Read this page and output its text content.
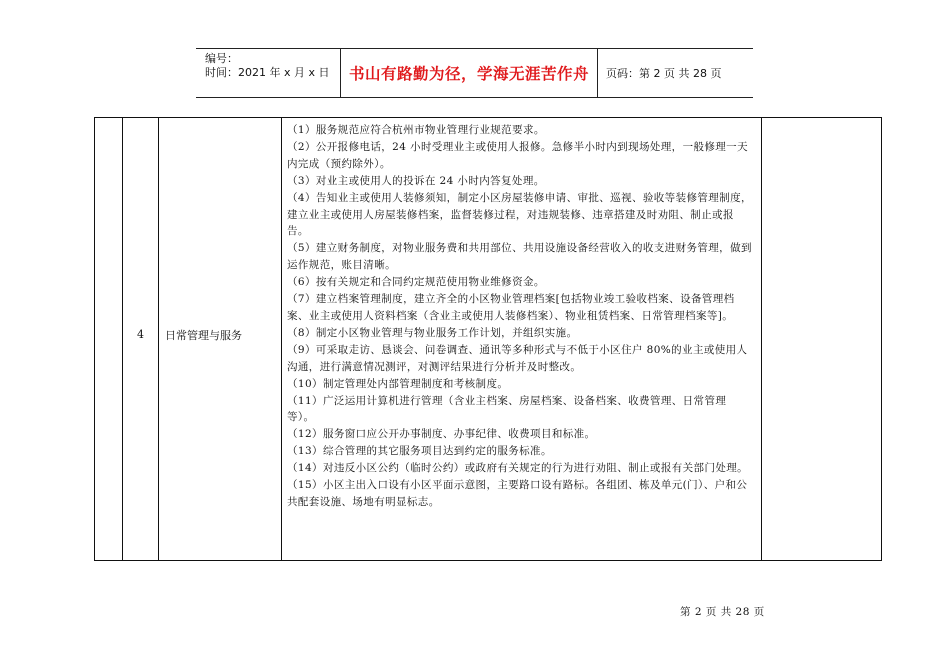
编号：
时间：2021 年 x 月 x 日 书山有路勤为径，学海无涯苦作舟 页码：第 2 页 共 28 页
4	日常管理与服务

（1）服务规范应符合杭州市物业管理行业规范要求。

（2）公开报修电话，24 小时受理业主或使用人报修。急修半小时内到现场处理，一般修理一天内完成（预约除外）。

（3）对业主或使用人的投诉在 24 小时内答复处理。

（4）告知业主或使用人装修须知，制定小区房屋装修申请、审批、巡视、验收等装修管理制度，建立业主或使用人房屋装修档案，监督装修过程，对违规装修、违章搭建及时劝阻、制止或报告。

（5）建立财务制度，对物业服务费和共用部位、共用设施设备经营收入的收支进财务管理，做到运作规范，账目清晰。

（6）按有关规定和合同约定规范使用物业维修资金。

（7）建立档案管理制度，建立齐全的小区物业管理档案[包括物业竣工验收档案、设备管理档案、业主或使用人资料档案（含业主或使用人装修档案）、物业租赁档案、日常管理档案等]。

（8）制定小区物业管理与物业服务工作计划，并组织实施。

（9）可采取走访、恳谈会、问卷调查、通讯等多种形式与不低于小区住户 80%的业主或使用人沟通，进行满意情况测评，对测评结果进行分析并及时整改。

（10）制定管理处内部管理制度和考核制度。

（11）广泛运用计算机进行管理（含业主档案、房屋档案、设备档案、收费管理、日常管理等）。

（12）服务窗口应公开办事制度、办事纪律、收费项目和标准。

（13）综合管理的其它服务项目达到约定的服务标准。

（14）对违反小区公约（临时公约）或政府有关规定的行为进行劝阻、制止或报有关部门处理。

（15）小区主出入口设有小区平面示意图，主要路口设有路标。各组团、栋及单元(门）、户和公共配套设施、场地有明显标志。

第 2 页 共 28 页
